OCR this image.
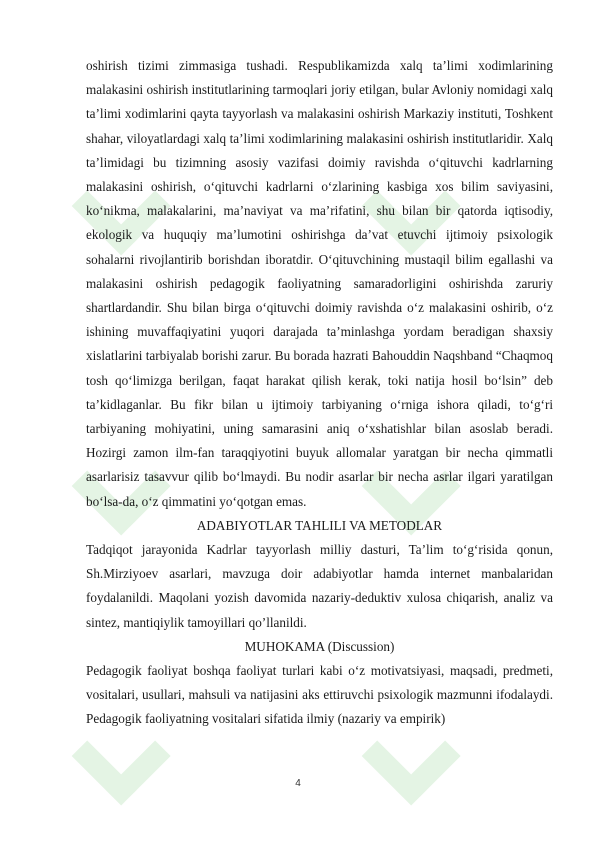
oshirish tizimi zimmasiga tushadi. Respublikamizda xalq ta’limi xodimlarining malakasini oshirish institutlarining tarmoqlari joriy etilgan, bular Avloniy nomidagi xalq ta’limi xodimlarini qayta tayyorlash va malakasini oshirish Markaziy instituti, Toshkent shahar, viloyatlardagi xalq ta’limi xodimlarining malakasini oshirish institutlaridir. Xalq ta’limidagi bu tizimning asosiy vazifasi doimiy ravishda o‘qituvchi kadrlarning malakasini oshirish, o‘qituvchi kadrlarni o‘zlarining kasbiga xos bilim saviyasini, ko‘nikma, malakalarini, ma’naviyat va ma’rifatini, shu bilan bir qatorda iqtisodiy, ekologik va huquqiy ma’lumotini oshirishga da’vat etuvchi ijtimoiy psixologik sohalarni rivojlantirib borishdan iboratdir. O‘qituvchining mustaqil bilim egallashi va malakasini oshirish pedagogik faoliyatning samaradorligini oshirishda zaruriy shartlardandir. Shu bilan birga o‘qituvchi doimiy ravishda o‘z malakasini oshirib, o‘z ishining muvaffaqiyatini yuqori darajada ta’minlashga yordam beradigan shaxsiy xislatlarini tarbiyalab borishi zarur. Bu borada hazrati Bahouddin Naqshband “Chaqmoq tosh qo‘limizga berilgan, faqat harakat qilish kerak, toki natija hosil bo‘lsin” deb ta’kidlaganlar. Bu fikr bilan u ijtimoiy tarbiyaning o‘rniga ishora qiladi, to‘g‘ri tarbiyaning mohiyatini, uning samarasini aniq o‘xshatishlar bilan asoslab beradi. Hozirgi zamon ilm-fan taraqqiyotini buyuk allomalar yaratgan bir necha qimmatli asarlarisiz tasavvur qilib bo‘lmaydi. Bu nodir asarlar bir necha asrlar ilgari yaratilgan bo‘lsa-da, o‘z qimmatini yo‘qotgan emas.

ADABIYOTLAR TAHLILI VA METODLAR

Tadqiqot jarayonida Kadrlar tayyorlash milliy dasturi, Ta’lim to‘g‘risida qonun, Sh.Mirziyoev asarlari, mavzuga doir adabiyotlar hamda internet manbalaridan foydalanildi. Maqolani yozish davomida nazariy-deduktiv xulosa chiqarish, analiz va sintez, mantiqiylik tamoyillari qo’llanildi.

MUHOKAMA (Discussion)

Pedagogik faoliyat boshqa faoliyat turlari kabi o‘z motivatsiyasi, maqsadi, predmeti, vositalari, usullari, mahsuli va natijasini aks ettiruvchi psixologik mazmunni ifodalaydi. Pedagogik faoliyatning vositalari sifatida ilmiy (nazariy va empirik)

4
